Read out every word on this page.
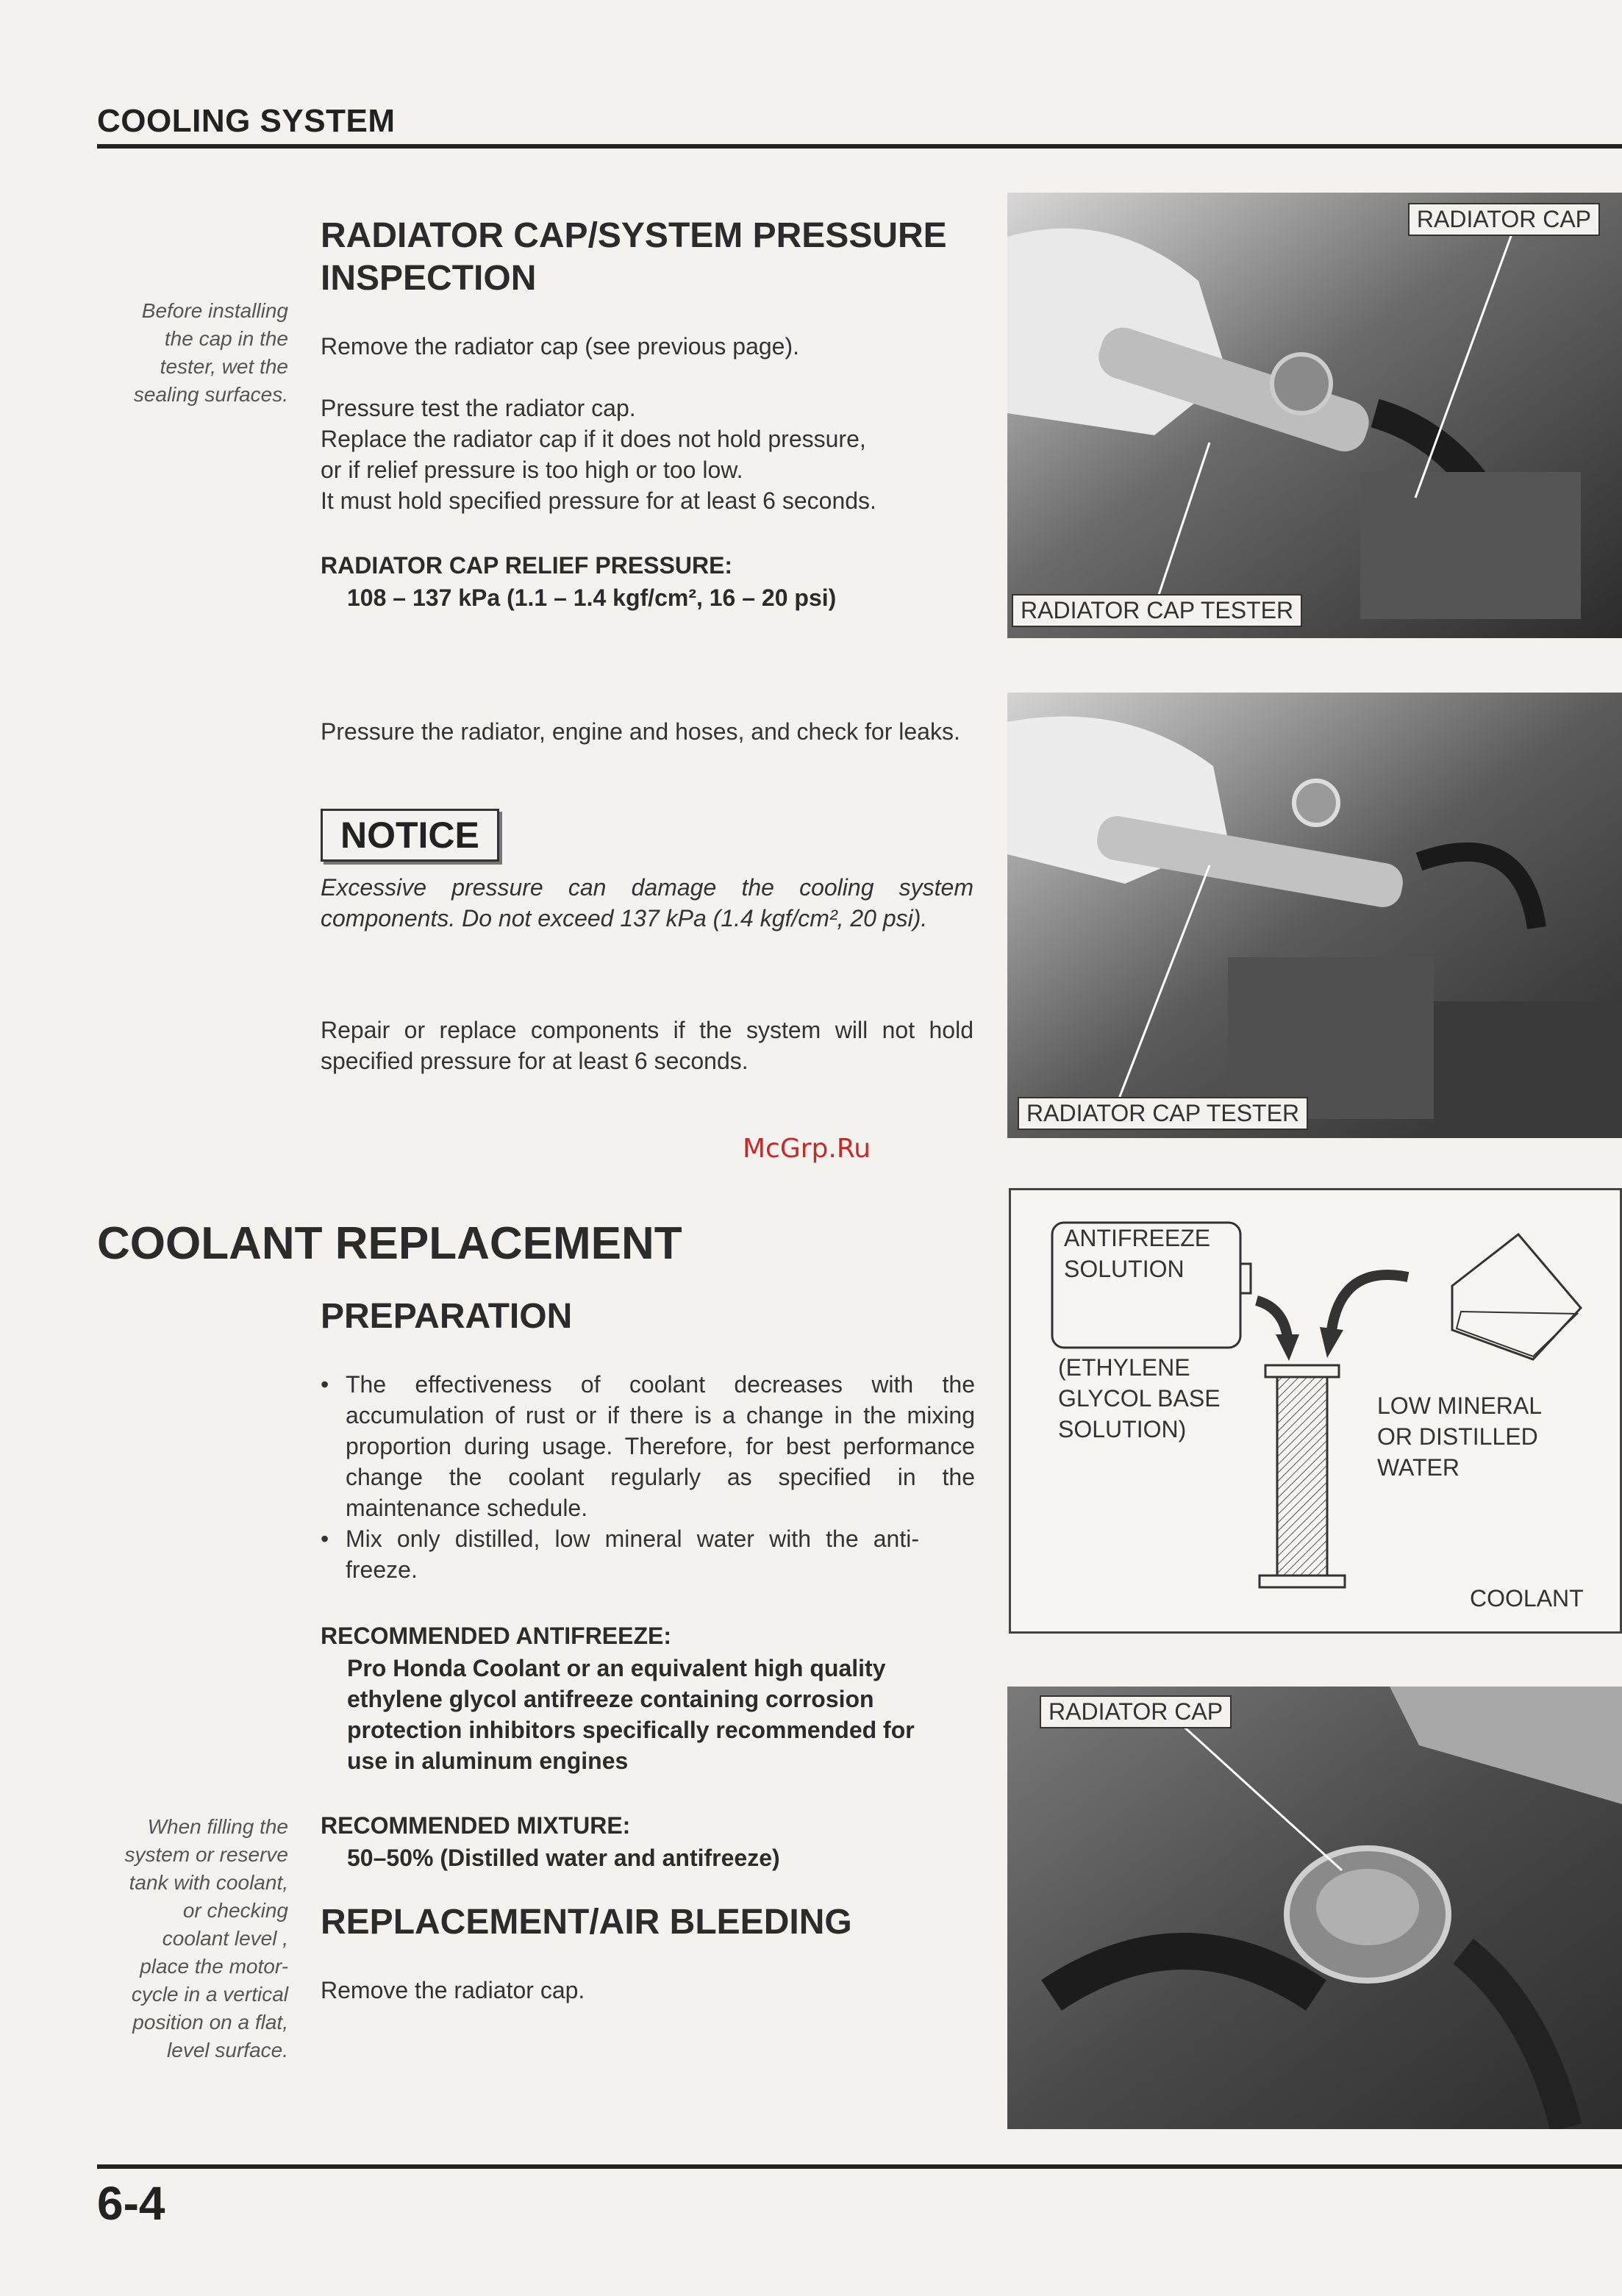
COOLING SYSTEM
RADIATOR CAP/SYSTEM PRESSURE
INSPECTION
Before installing
the cap in the
tester, wet the
sealing surfaces.
Remove the radiator cap (see previous page).
Pressure test the radiator cap.
Replace the radiator cap if it does not hold pressure,
or if relief pressure is too high or too low.
It must hold specified pressure for at least 6 seconds.
RADIATOR CAP RELIEF PRESSURE:
108 – 137 kPa (1.1 – 1.4 kgf/cm², 16 – 20 psi)
Pressure the radiator, engine and hoses, and check for leaks.
NOTICE
Excessive pressure can damage the cooling system components. Do not exceed 137 kPa (1.4 kgf/cm², 20 psi).
Repair or replace components if the system will not hold specified pressure for at least 6 seconds.
RADIATOR CAP
RADIATOR CAP TESTER
RADIATOR CAP TESTER
McGrp.Ru
COOLANT REPLACEMENT
PREPARATION
• The effectiveness of coolant decreases with the accumulation of rust or if there is a change in the mixing proportion during usage. Therefore, for best performance change the coolant regularly as specified in the maintenance schedule.
• Mix only distilled, low mineral water with the anti-freeze.
RECOMMENDED ANTIFREEZE:
Pro Honda Coolant or an equivalent high quality ethylene glycol antifreeze containing corrosion protection inhibitors specifically recommended for use in aluminum engines
RECOMMENDED MIXTURE:
50–50% (Distilled water and antifreeze)
When filling the
system or reserve
tank with coolant,
or checking
coolant level ,
place the motor-
cycle in a vertical
position on a flat,
level surface.
REPLACEMENT/AIR BLEEDING
Remove the radiator cap.
ANTIFREEZE
SOLUTION
(ETHYLENE
GLYCOL BASE
SOLUTION)
LOW MINERAL
OR DISTILLED
WATER
COOLANT
RADIATOR CAP
6-4
